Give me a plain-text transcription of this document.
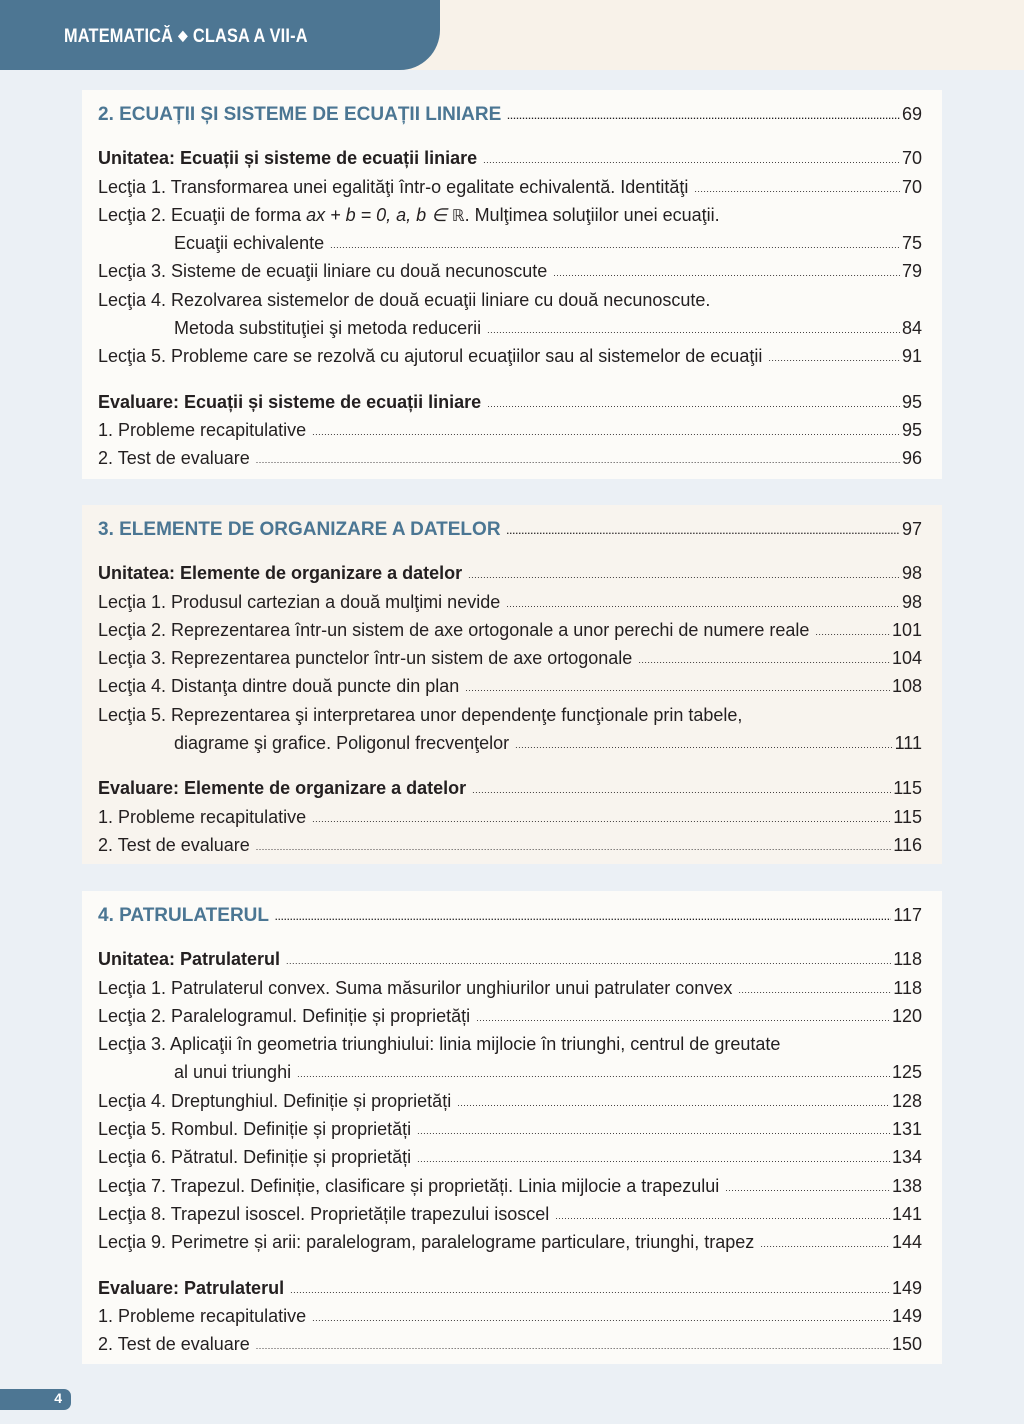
MATEMATICĂ ◆ CLASA A VII-A
2. ECUAȚII ȘI SISTEME DE ECUAȚII LINIARE .....	69
Unitatea: Ecuații și sisteme de ecuații liniare .....	70
Lecţia 1. Transformarea unei egalităţi într-o egalitate echivalentă. Identităţi .....	70
Lecţia 2. Ecuaţii de forma ax + b = 0, a, b ∈ ℝ. Mulţimea soluţiilor unei ecuaţii.
Ecuaţii echivalente .....	75
Lecţia 3. Sisteme de ecuaţii liniare cu două necunoscute .....	79
Lecţia 4. Rezolvarea sistemelor de două ecuaţii liniare cu două necunoscute.
Metoda substituţiei şi metoda reducerii .....	84
Lecţia 5. Probleme care se rezolvă cu ajutorul ecuaţiilor sau al sistemelor de ecuaţii .....	91
Evaluare: Ecuații și sisteme de ecuații liniare .....	95
1. Probleme recapitulative .....	95
2. Test de evaluare .....	96
3. ELEMENTE DE ORGANIZARE A DATELOR .....	97
Unitatea: Elemente de organizare a datelor .....	98
Lecţia 1. Produsul cartezian a două mulţimi nevide .....	98
Lecţia 2. Reprezentarea într-un sistem de axe ortogonale a unor perechi de numere reale .....	101
Lecţia 3. Reprezentarea punctelor într-un sistem de axe ortogonale .....	104
Lecţia 4. Distanţa dintre două puncte din plan .....	108
Lecţia 5. Reprezentarea şi interpretarea unor dependenţe funcţionale prin tabele,
diagrame şi grafice. Poligonul frecvenţelor .....	111
Evaluare: Elemente de organizare a datelor .....	115
1. Probleme recapitulative .....	115
2. Test de evaluare .....	116
4. PATRULATERUL .....	117
Unitatea: Patrulaterul .....	118
Lecţia 1. Patrulaterul convex. Suma măsurilor unghiurilor unui patrulater convex .....	118
Lecţia 2. Paralelogramul. Definiție și proprietăți .....	120
Lecţia 3. Aplicaţii în geometria triunghiului: linia mijlocie în triunghi, centrul de greutate
al unui triunghi .....	125
Lecţia 4. Dreptunghiul. Definiție și proprietăți .....	128
Lecţia 5. Rombul. Definiție și proprietăți .....	131
Lecţia 6. Pătratul. Definiție și proprietăți .....	134
Lecţia 7. Trapezul. Definiție, clasificare și proprietăți. Linia mijlocie a trapezului .....	138
Lecţia 8. Trapezul isoscel. Proprietățile trapezului isoscel .....	141
Lecţia 9. Perimetre și arii: paralelogram, paralelograme particulare, triunghi, trapez .....	144
Evaluare: Patrulaterul .....	149
1. Probleme recapitulative .....	149
2. Test de evaluare .....	150
4
